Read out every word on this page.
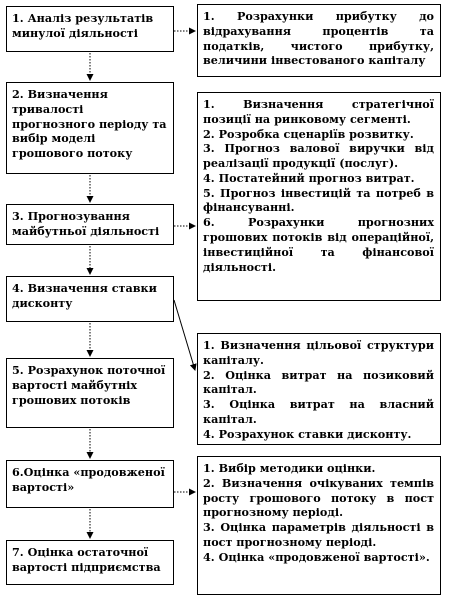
1. Аналіз результатів минулої діяльності
2. Визначення тривалості прогнозного періоду та вибір моделі грошового потоку
3. Прогнозування майбутньої діяльності
4. Визначення ставки дисконту
5. Розрахунок поточної вартості майбутніх грошових потоків
6.Оцінка «продовженої вартості»
7. Оцінка остаточної вартості підприємства

1. Розрахунки прибутку до відрахування процентів та податків, чистого прибутку, величини інвестованого капіталу

1. Визначення стратегічної позиції на ринковому сегменті.

2. Розробка сценаріїв розвитку.

3. Прогноз валової виручки від реалізації продукції (послуг).

4. Постатейний прогноз витрат.

5. Прогноз інвестицій та потреб в фінансуванні.

6. Розрахунки прогнозних грошових потоків від операційної, інвестиційної та фінансової діяльності.

1. Визначення цільової структури капіталу.

2. Оцінка витрат на позиковий капітал.

3. Оцінка витрат на власний капітал.

4. Розрахунок ставки дисконту.

1. Вибір методики оцінки.

2. Визначення очікуваних темпів росту грошового потоку в пост прогнозному періоді.

3. Оцінка параметрів діяльності в пост прогнозному періоді.

4. Оцінка «продовженої вартості».
